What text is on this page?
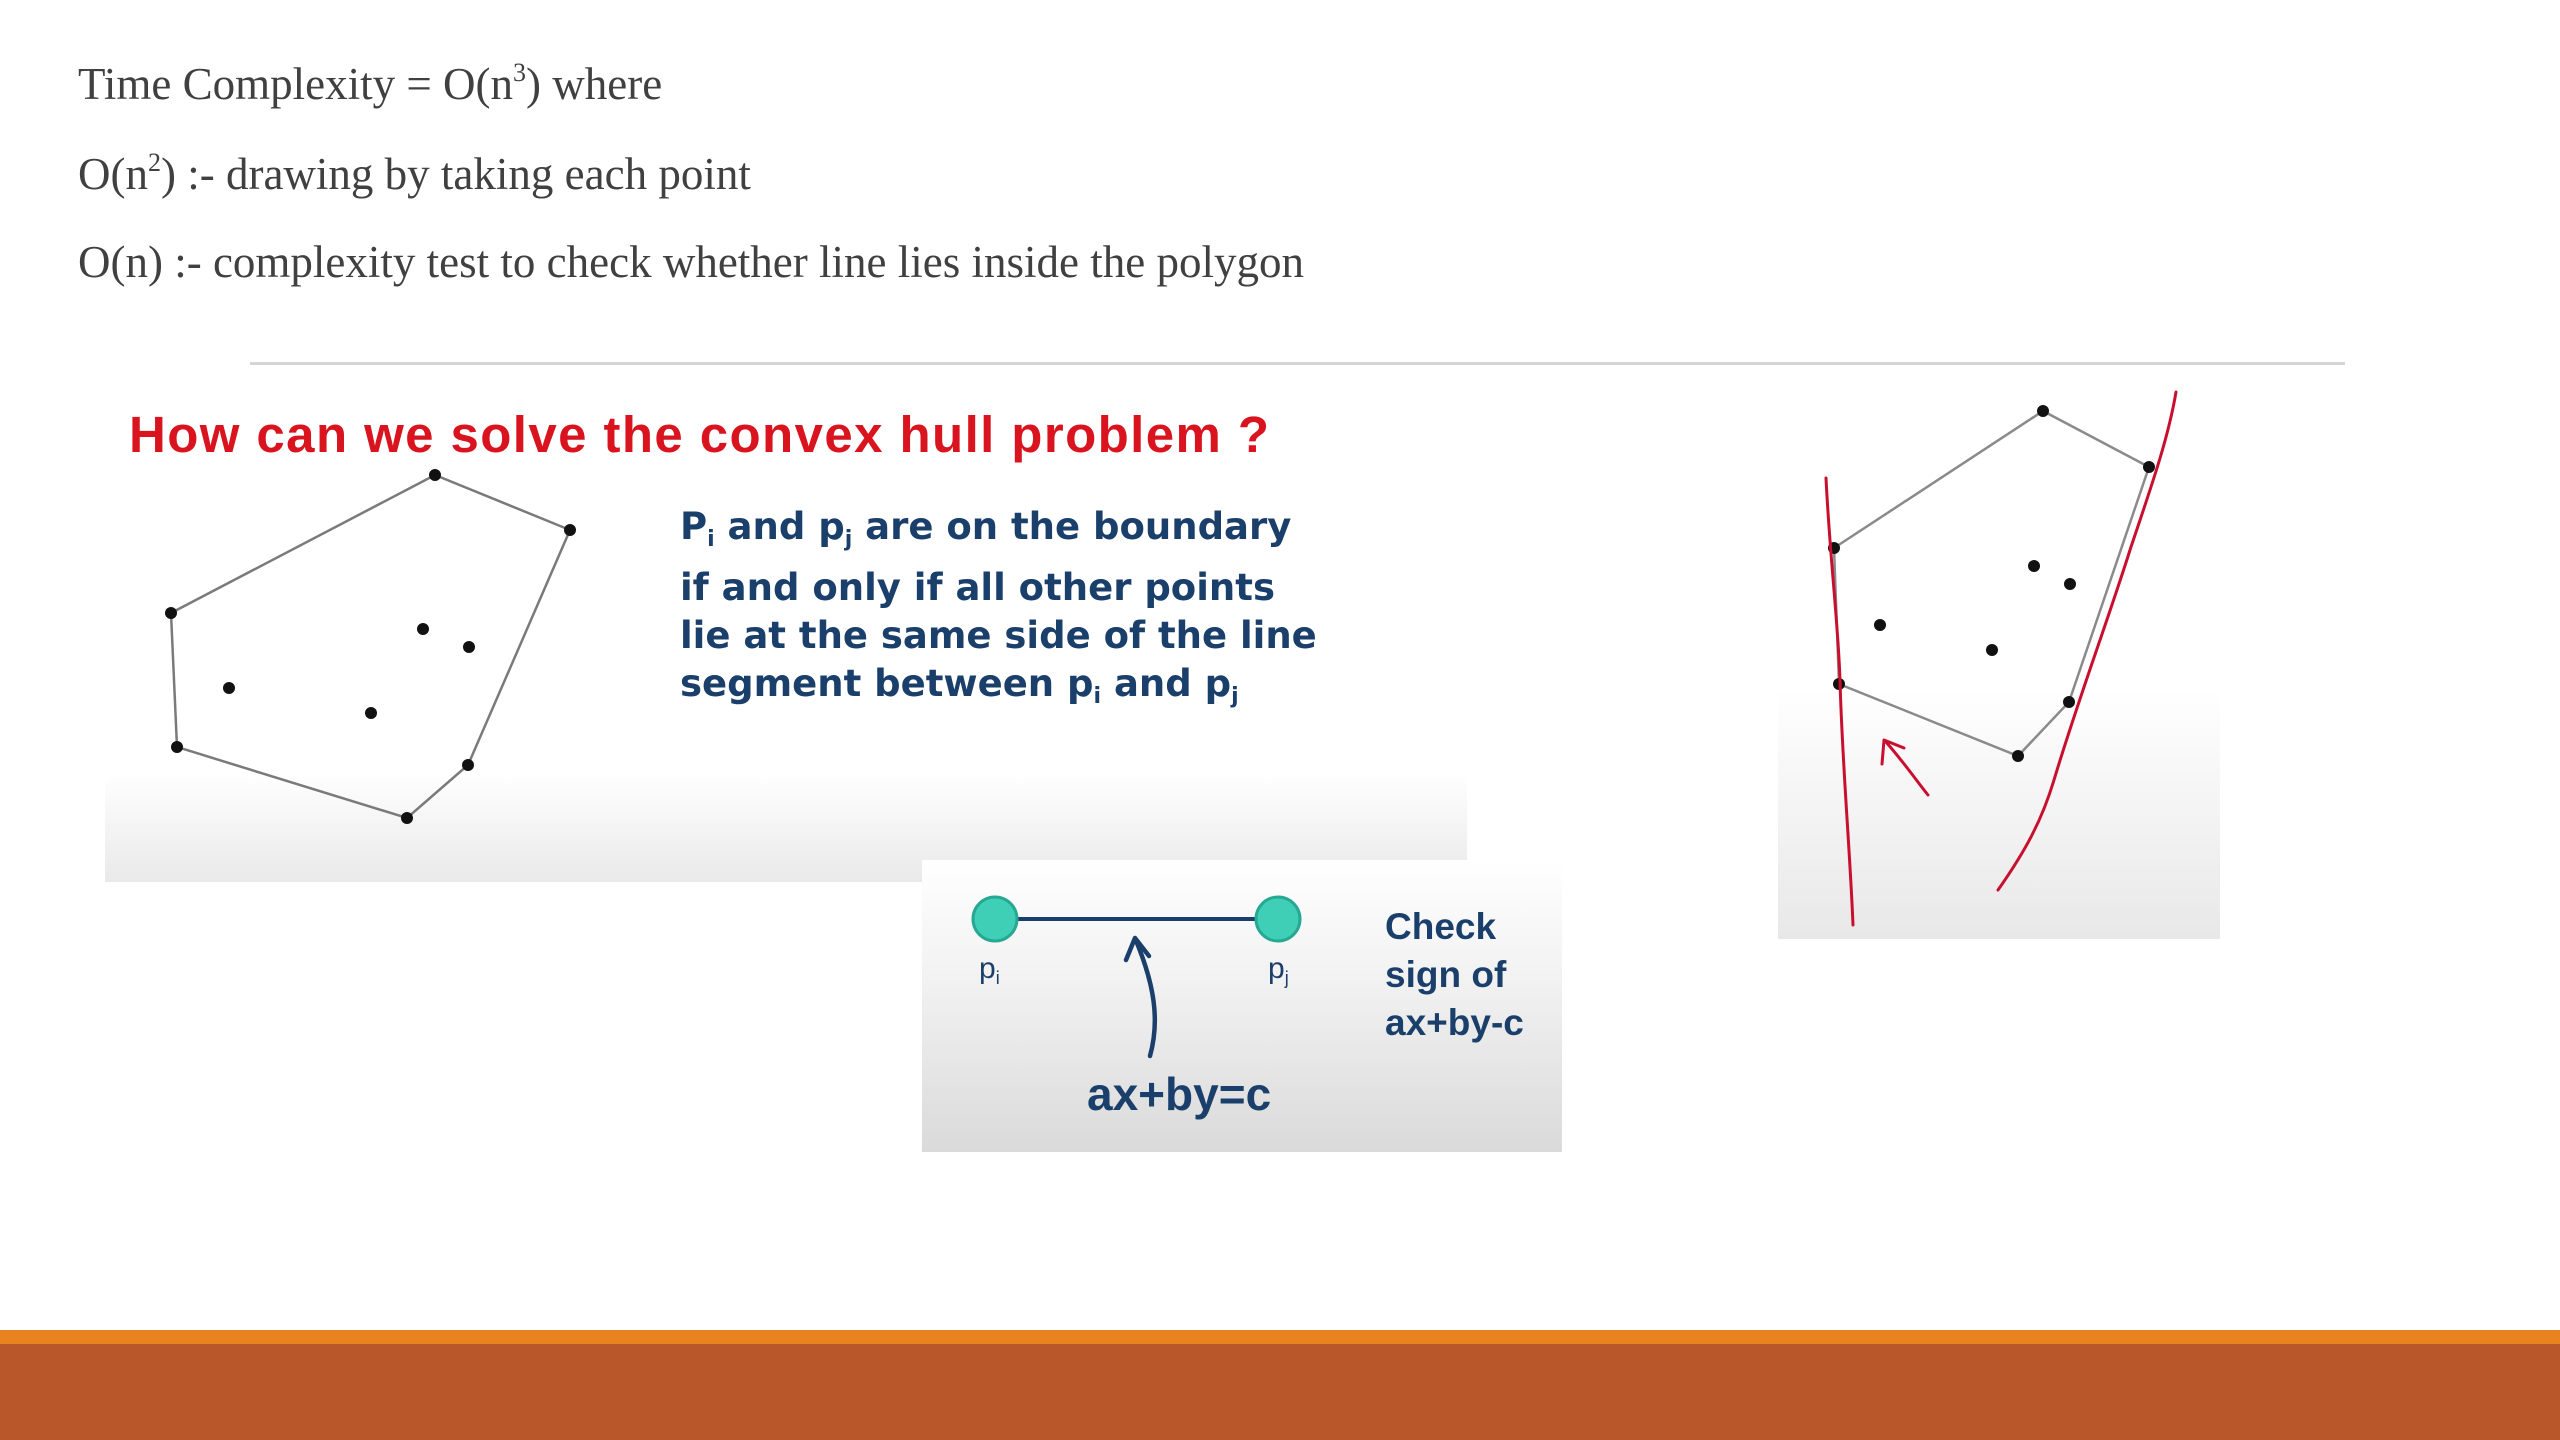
Time Complexity = $O(n^3)$ where
$O(n^2)$ :- drawing by taking each point
O(n) :- complexity test to check whether line lies inside the polygon
How can we solve the convex hull problem ?
$P_i$ and $p_j$ are on the boundary
if and only if all other points
lie at the same side of the line
segment between $p_i$ and $p_j$
$p_i$	$p_j$
Check
sign of
ax+by-c
ax+by=c
